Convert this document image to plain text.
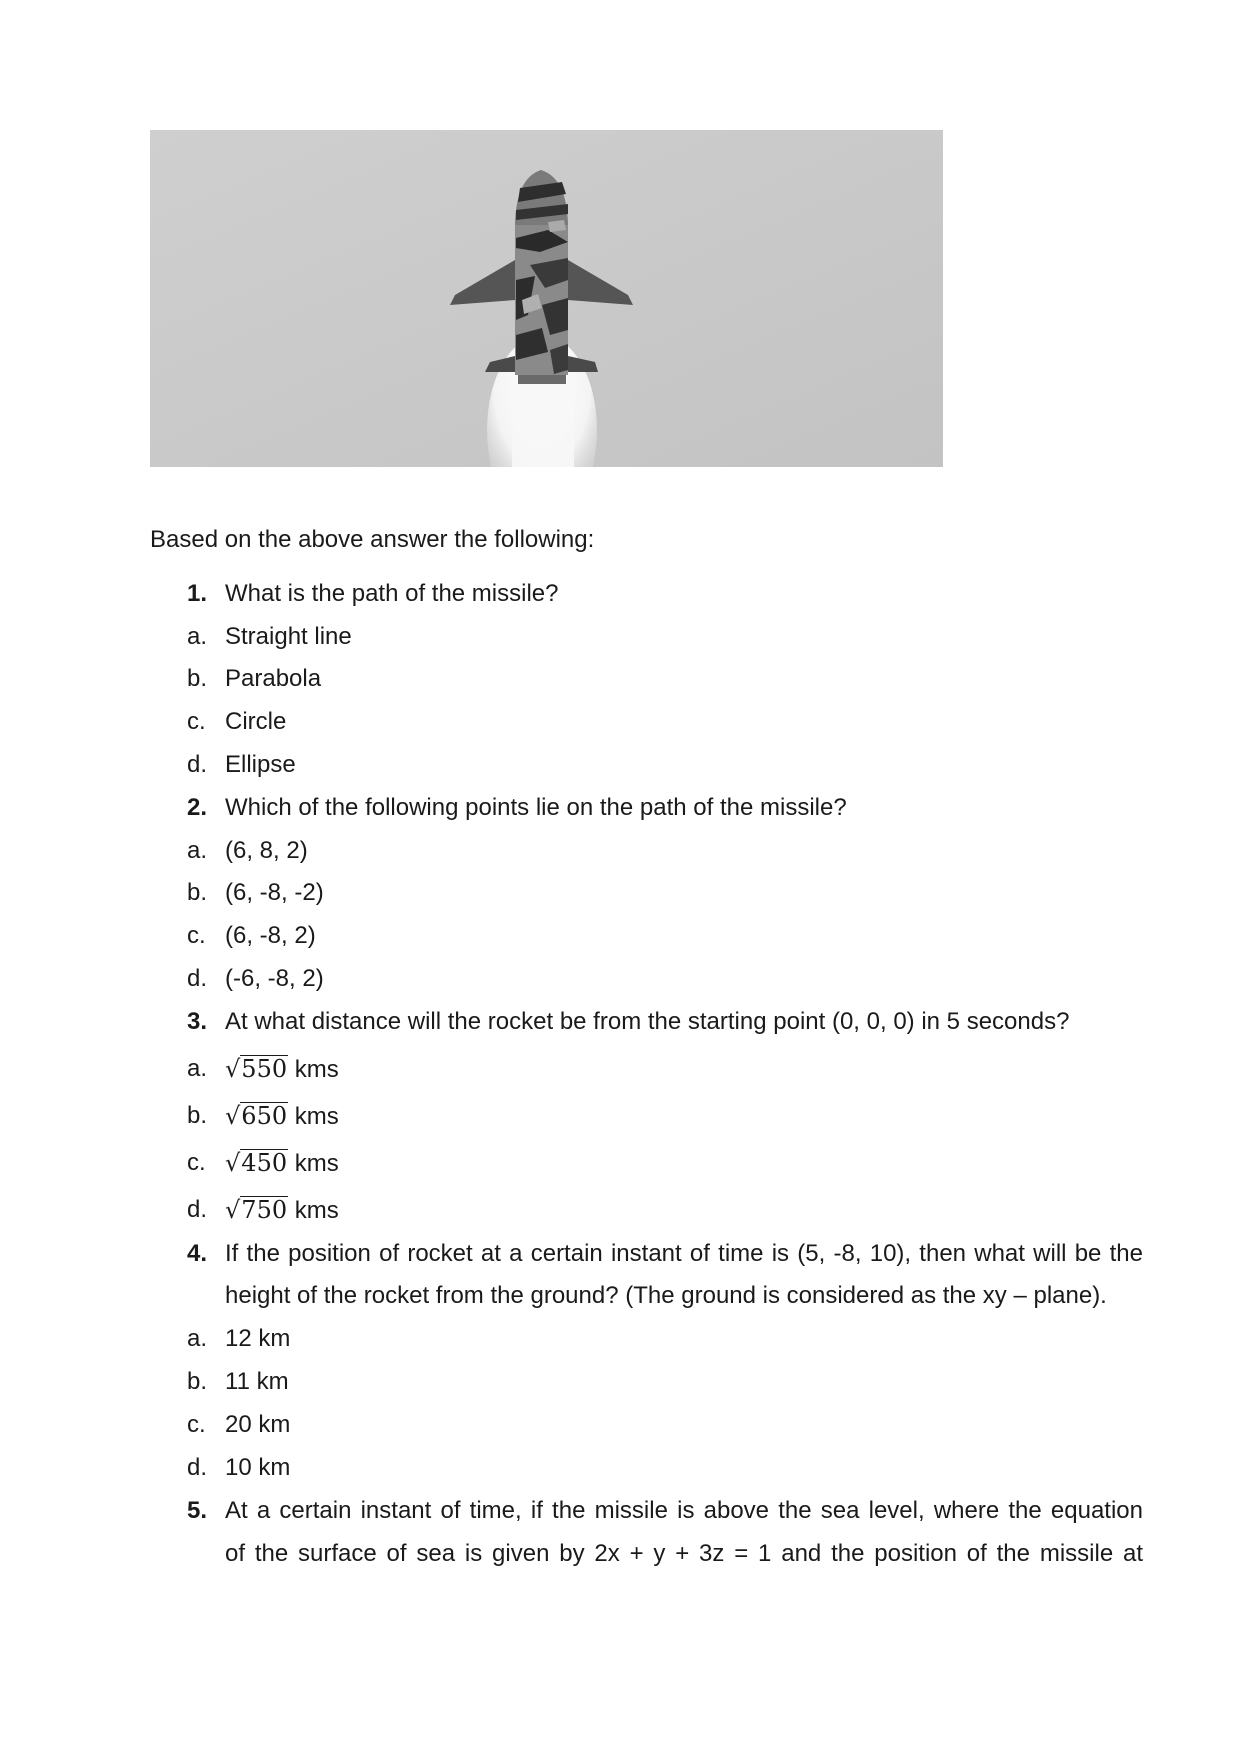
Based on the above answer the following:

1. What is the path of the missile?
a. Straight line
b. Parabola
c. Circle
d. Ellipse
2. Which of the following points lie on the path of the missile?
a. (6, 8, 2)
b. (6, -8, -2)
c. (6, -8, 2)
d. (-6, -8, 2)
3. At what distance will the rocket be from the starting point (0, 0, 0) in 5 seconds?
a. √550 kms
b. √650 kms
c. √450 kms
d. √750 kms
4. If the position of rocket at a certain instant of time is (5, -8, 10), then what will be the
height of the rocket from the ground? (The ground is considered as the xy – plane).
a. 12 km
b. 11 km
c. 20 km
d. 10 km
5. At a certain instant of time, if the missile is above the sea level, where the equation
of the surface of sea is given by 2x + y + 3z = 1 and the position of the missile at
